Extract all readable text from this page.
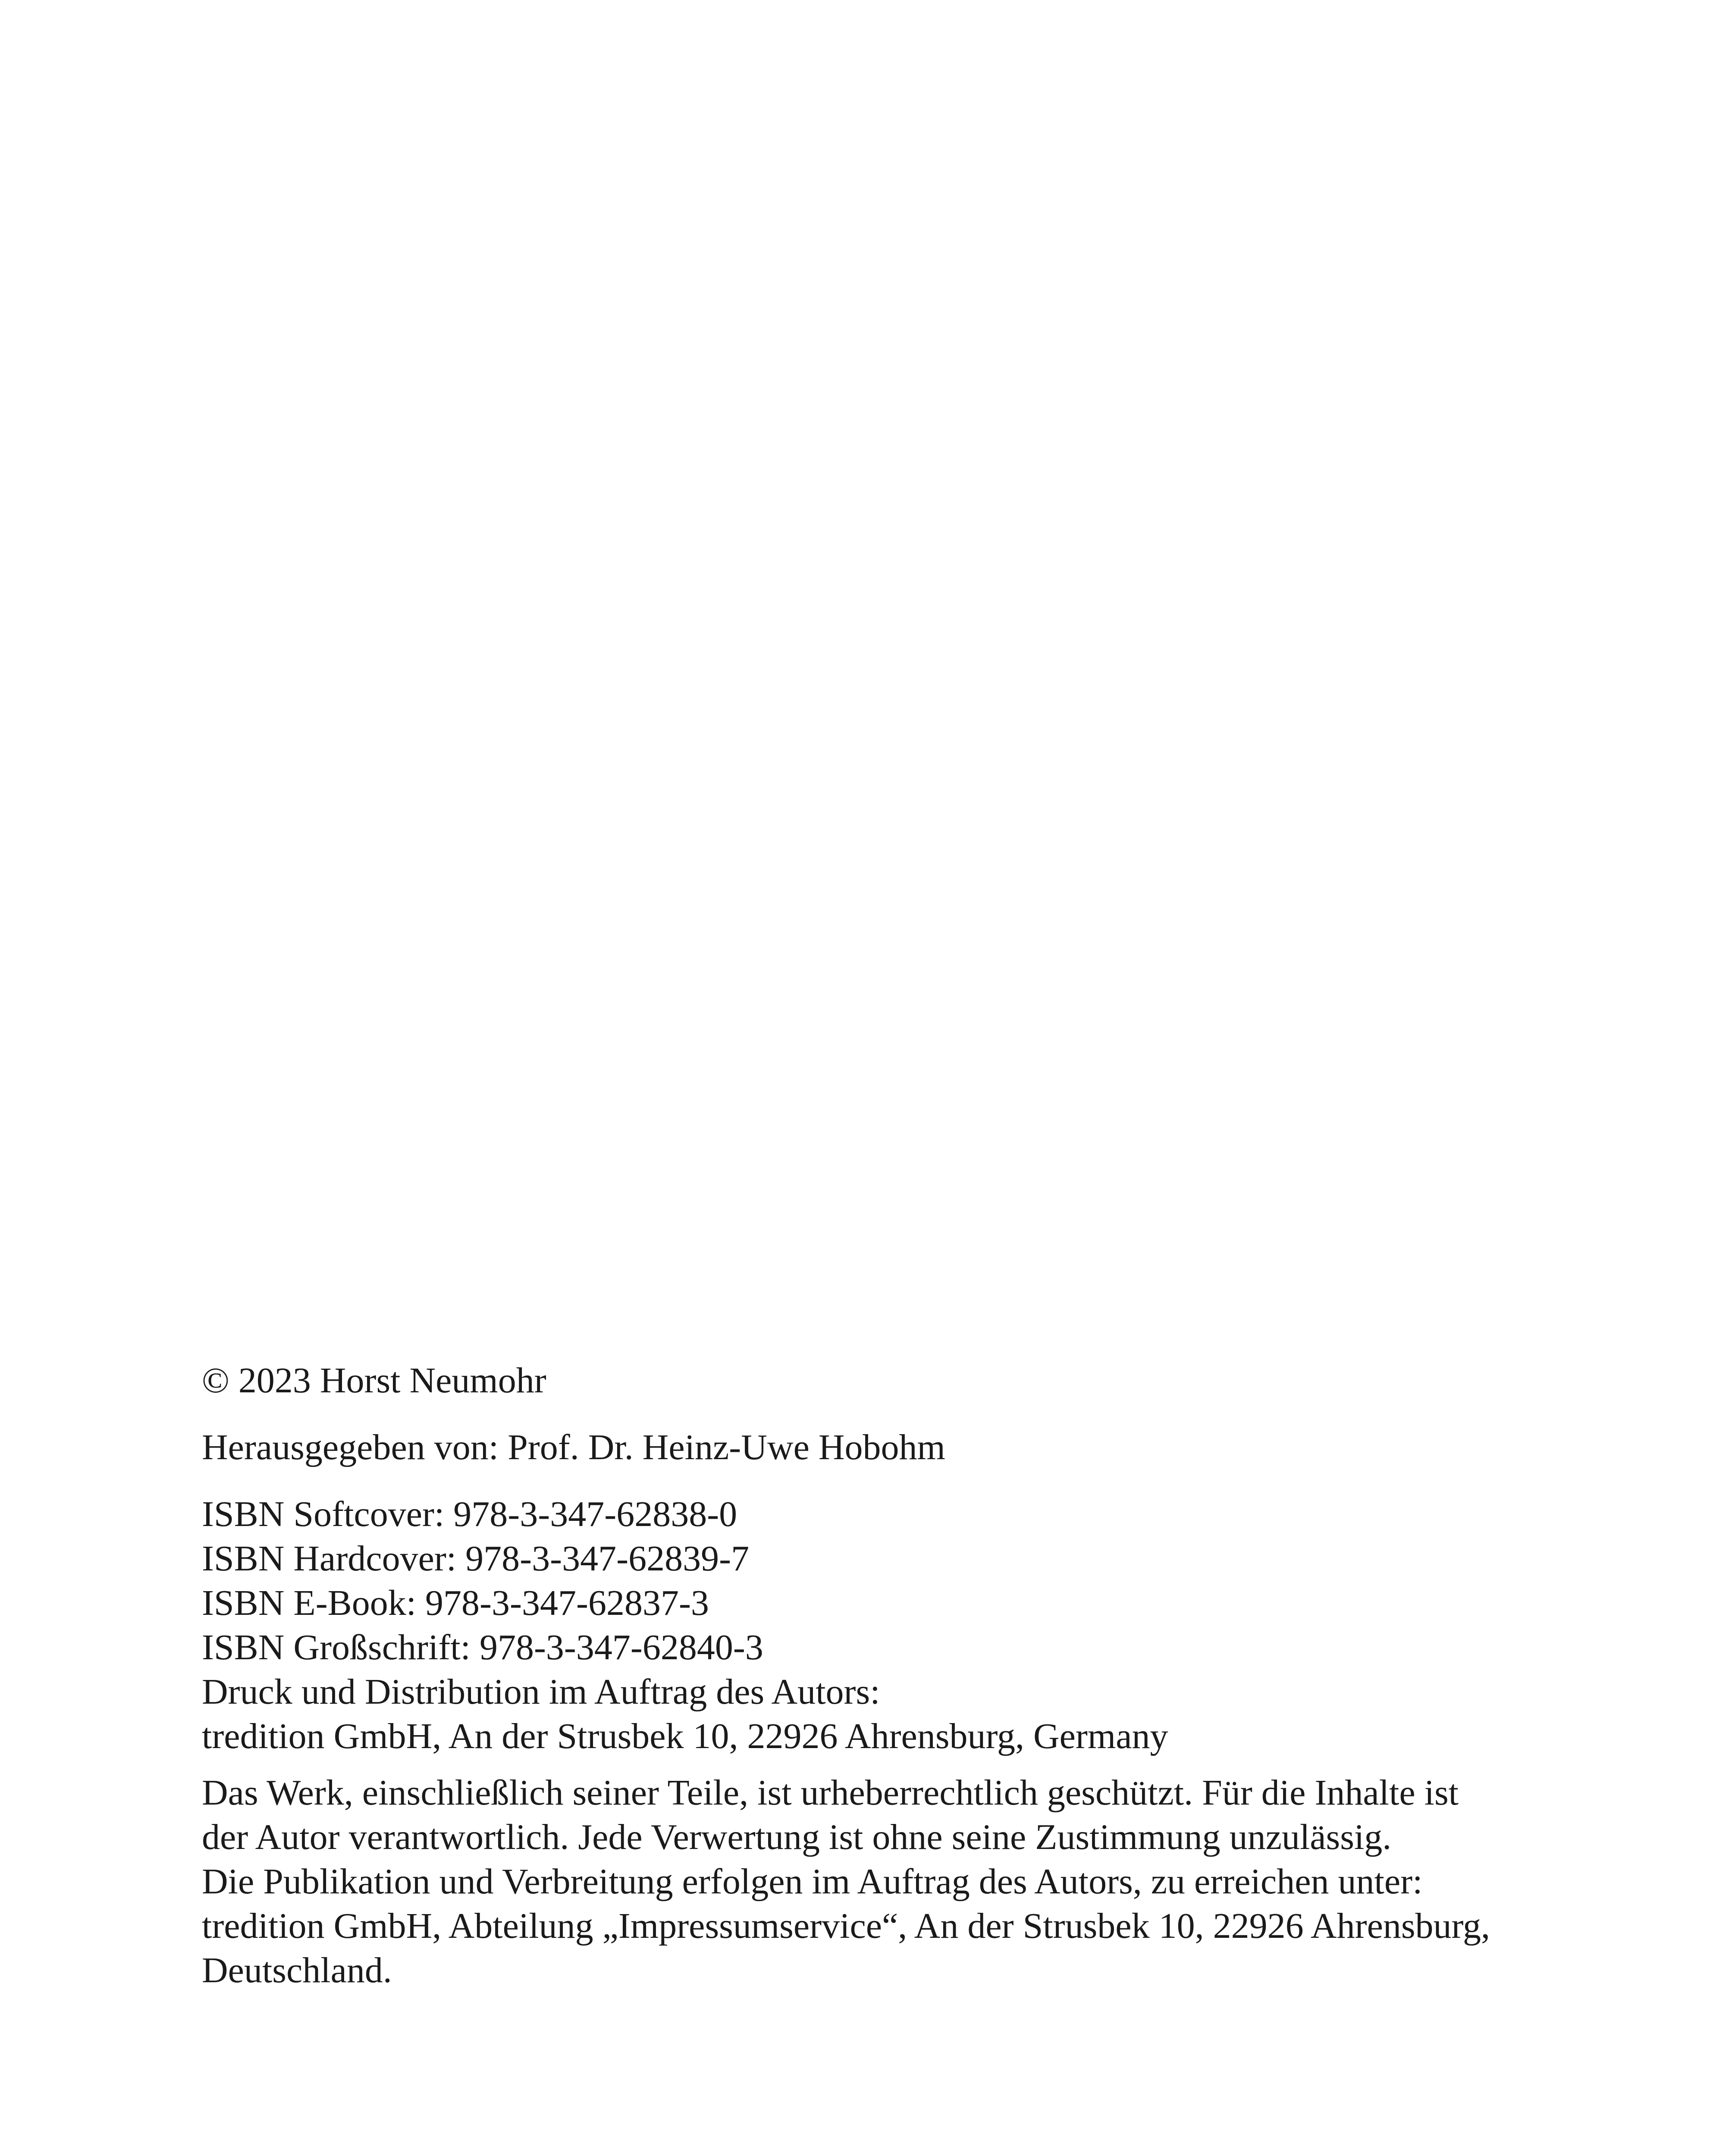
© 2023 Horst Neumohr
Herausgegeben von: Prof. Dr. Heinz-Uwe Hobohm
ISBN Softcover: 978-3-347-62838-0
ISBN Hardcover: 978-3-347-62839-7
ISBN E-Book: 978-3-347-62837-3
ISBN Großschrift: 978-3-347-62840-3
Druck und Distribution im Auftrag des Autors:
tredition GmbH, An der Strusbek 10, 22926 Ahrensburg, Germany
Das Werk, einschließlich seiner Teile, ist urheberrechtlich geschützt. Für die Inhalte ist
der Autor verantwortlich. Jede Verwertung ist ohne seine Zustimmung unzulässig.
Die Publikation und Verbreitung erfolgen im Auftrag des Autors, zu erreichen unter:
tredition GmbH, Abteilung „Impressumservice“, An der Strusbek 10, 22926 Ahrensburg,
Deutschland.
